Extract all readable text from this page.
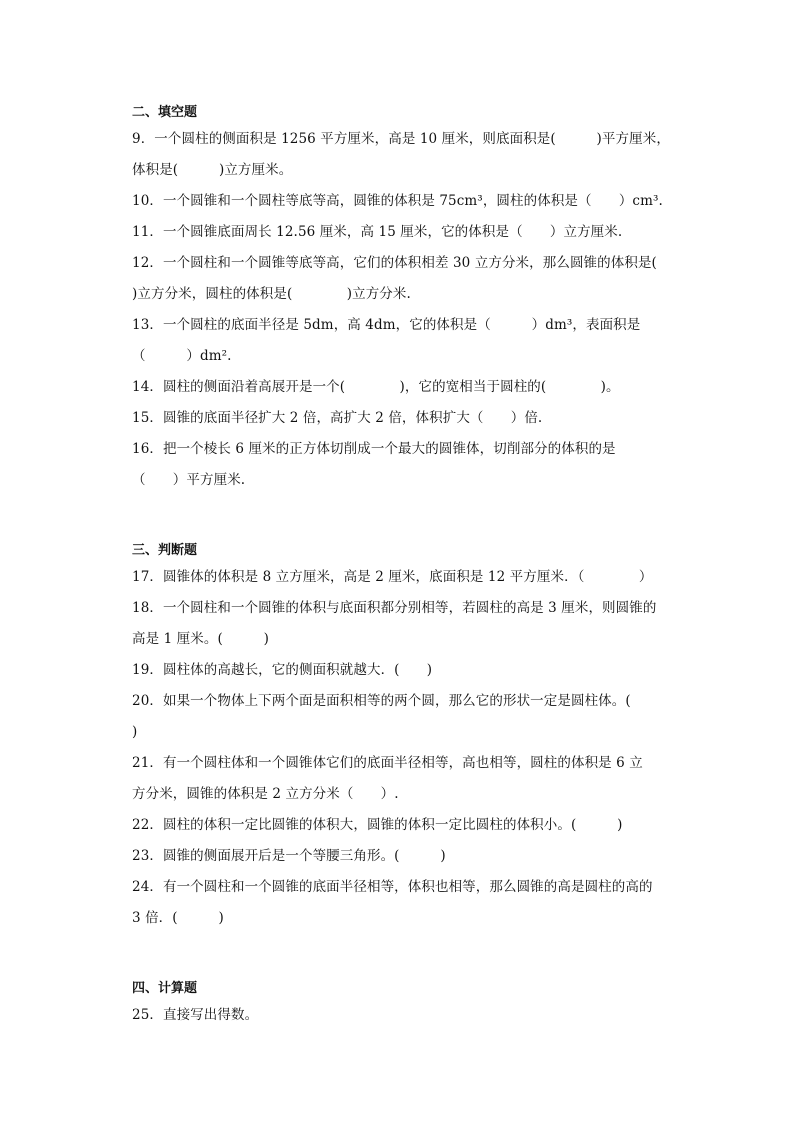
二、填空题
9．一个圆柱的侧面积是 1256 平方厘米，高是 10 厘米，则底面积是(　　　)平方厘米，
体积是(　　　)立方厘米。
10．一个圆锥和一个圆柱等底等高，圆锥的体积是 75cm³，圆柱的体积是（　　）cm³.
11．一个圆锥底面周长 12.56 厘米，高 15 厘米，它的体积是（　　）立方厘米.
12．一个圆柱和一个圆锥等底等高，它们的体积相差 30 立方分米，那么圆锥的体积是(
)立方分米，圆柱的体积是(　　　　)立方分米.
13．一个圆柱的底面半径是 5dm，高 4dm，它的体积是（　　　）dm³，表面积是
（　　　）dm².
14．圆柱的侧面沿着高展开是一个(　　　　)，它的宽相当于圆柱的(　　　　)。
15．圆锥的底面半径扩大 2 倍，高扩大 2 倍，体积扩大（　　）倍.
16．把一个棱长 6 厘米的正方体切削成一个最大的圆锥体，切削部分的体积的是
（　　）平方厘米.
三、判断题
17．圆锥体的体积是 8 立方厘米，高是 2 厘米，底面积是 12 平方厘米．（　　　　）
18．一个圆柱和一个圆锥的体积与底面积都分别相等，若圆柱的高是 3 厘米，则圆锥的
高是 1 厘米。(　　　)
19．圆柱体的高越长，它的侧面积就越大．(　　)
20．如果一个物体上下两个面是面积相等的两个圆，那么它的形状一定是圆柱体。(
)
21．有一个圆柱体和一个圆锥体它们的底面半径相等，高也相等，圆柱的体积是 6 立
方分米，圆锥的体积是 2 立方分米（　　）.
22．圆柱的体积一定比圆锥的体积大，圆锥的体积一定比圆柱的体积小。(　　　)
23．圆锥的侧面展开后是一个等腰三角形。(　　　)
24．有一个圆柱和一个圆锥的底面半径相等，体积也相等，那么圆锥的高是圆柱的高的
3 倍．(　　　)
四、计算题
25．直接写出得数。
